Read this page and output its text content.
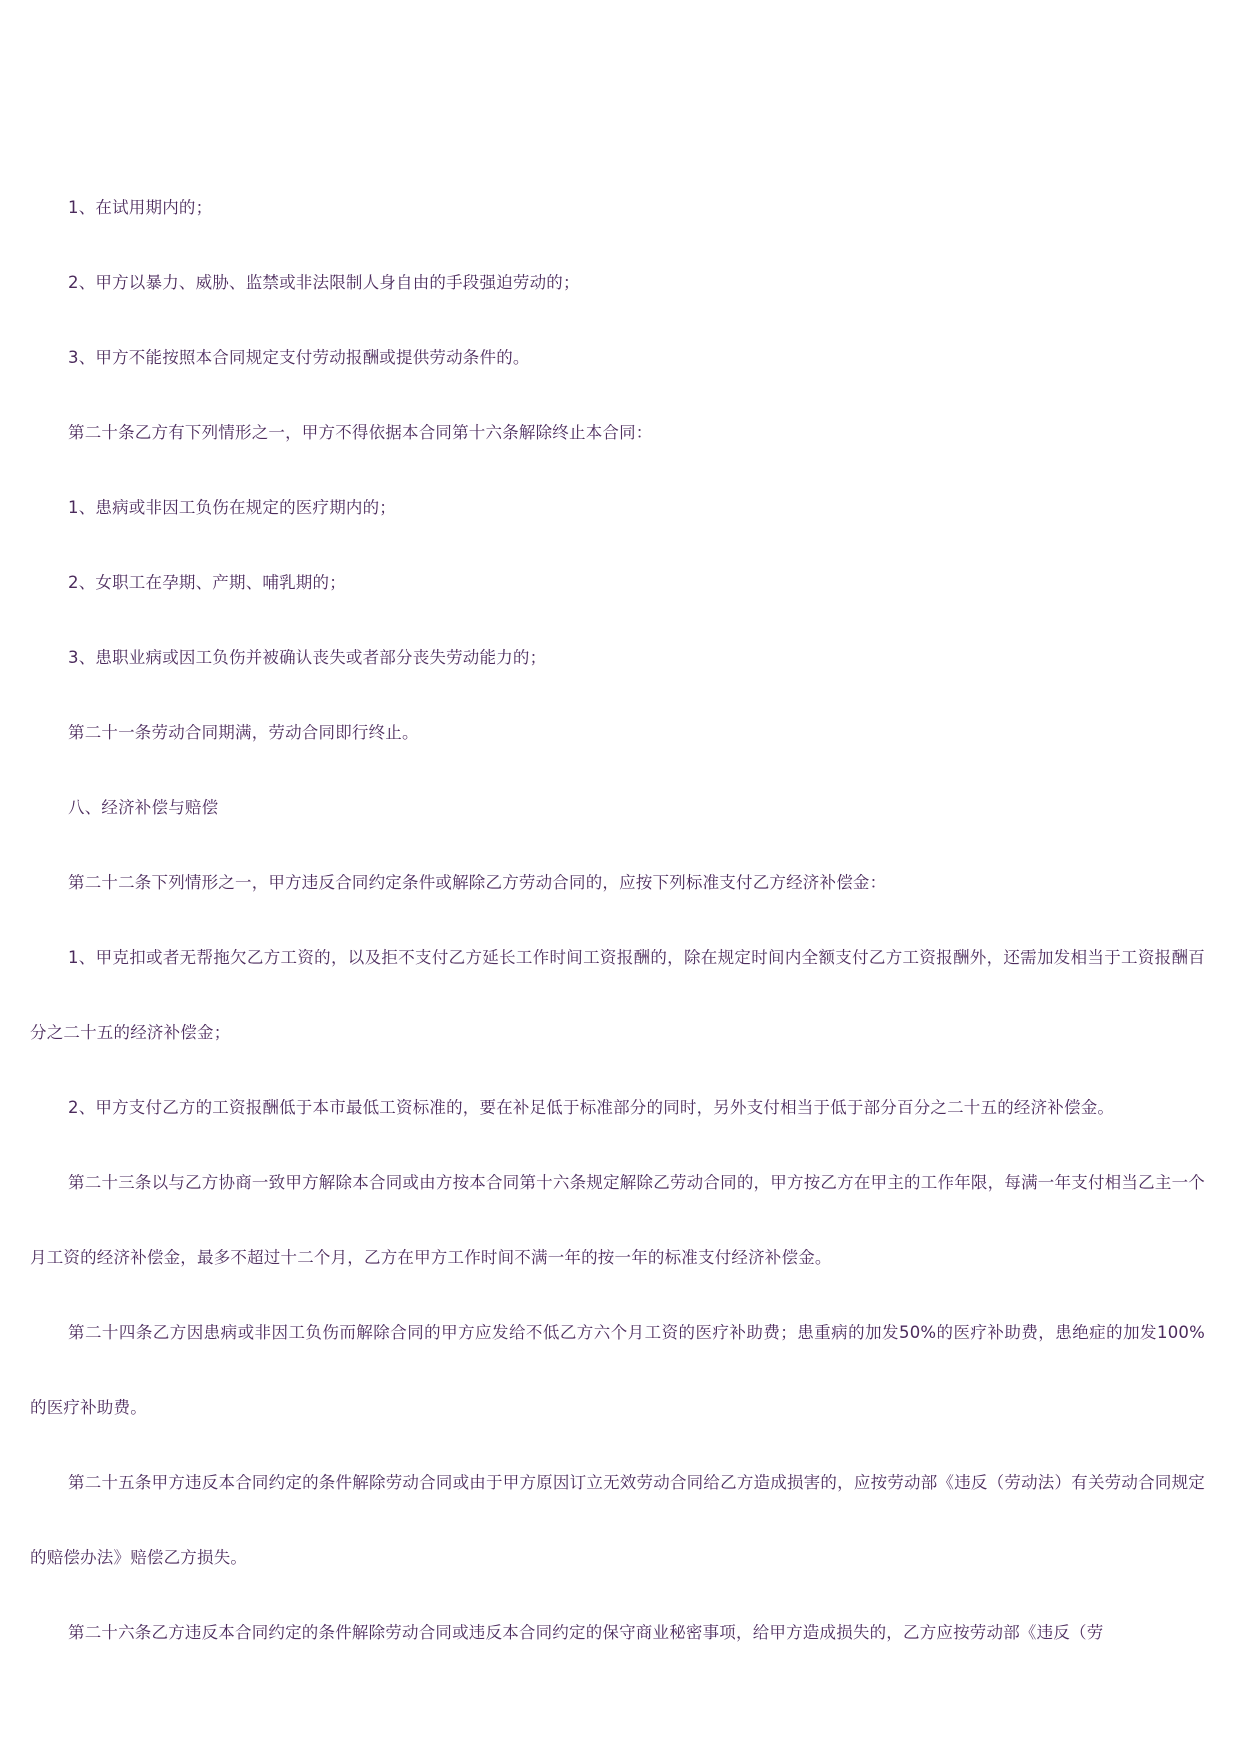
1、在试用期内的；

2、甲方以暴力、威胁、监禁或非法限制人身自由的手段强迫劳动的；

3、甲方不能按照本合同规定支付劳动报酬或提供劳动条件的。

第二十条乙方有下列情形之一，甲方不得依据本合同第十六条解除终止本合同：

1、患病或非因工负伤在规定的医疗期内的；

2、女职工在孕期、产期、哺乳期的；

3、患职业病或因工负伤并被确认丧失或者部分丧失劳动能力的；

第二十一条劳动合同期满，劳动合同即行终止。

八、经济补偿与赔偿

第二十二条下列情形之一，甲方违反合同约定条件或解除乙方劳动合同的，应按下列标准支付乙方经济补偿金：

1、甲克扣或者无帮拖欠乙方工资的，以及拒不支付乙方延长工作时间工资报酬的，除在规定时间内全额支付乙方工资报酬外，还需加发相当于工资报酬百分之二十五的经济补偿金；

2、甲方支付乙方的工资报酬低于本市最低工资标准的，要在补足低于标准部分的同时，另外支付相当于低于部分百分之二十五的经济补偿金。

第二十三条以与乙方协商一致甲方解除本合同或由方按本合同第十六条规定解除乙劳动合同的，甲方按乙方在甲主的工作年限，每满一年支付相当乙主一个月工资的经济补偿金，最多不超过十二个月，乙方在甲方工作时间不满一年的按一年的标准支付经济补偿金。

第二十四条乙方因患病或非因工负伤而解除合同的甲方应发给不低乙方六个月工资的医疗补助费；患重病的加发50%的医疗补助费，患绝症的加发100%的医疗补助费。

第二十五条甲方违反本合同约定的条件解除劳动合同或由于甲方原因订立无效劳动合同给乙方造成损害的，应按劳动部《违反（劳动法）有关劳动合同规定的赔偿办法》赔偿乙方损失。

第二十六条乙方违反本合同约定的条件解除劳动合同或违反本合同约定的保守商业秘密事项，给甲方造成损失的，乙方应按劳动部《违反（劳
